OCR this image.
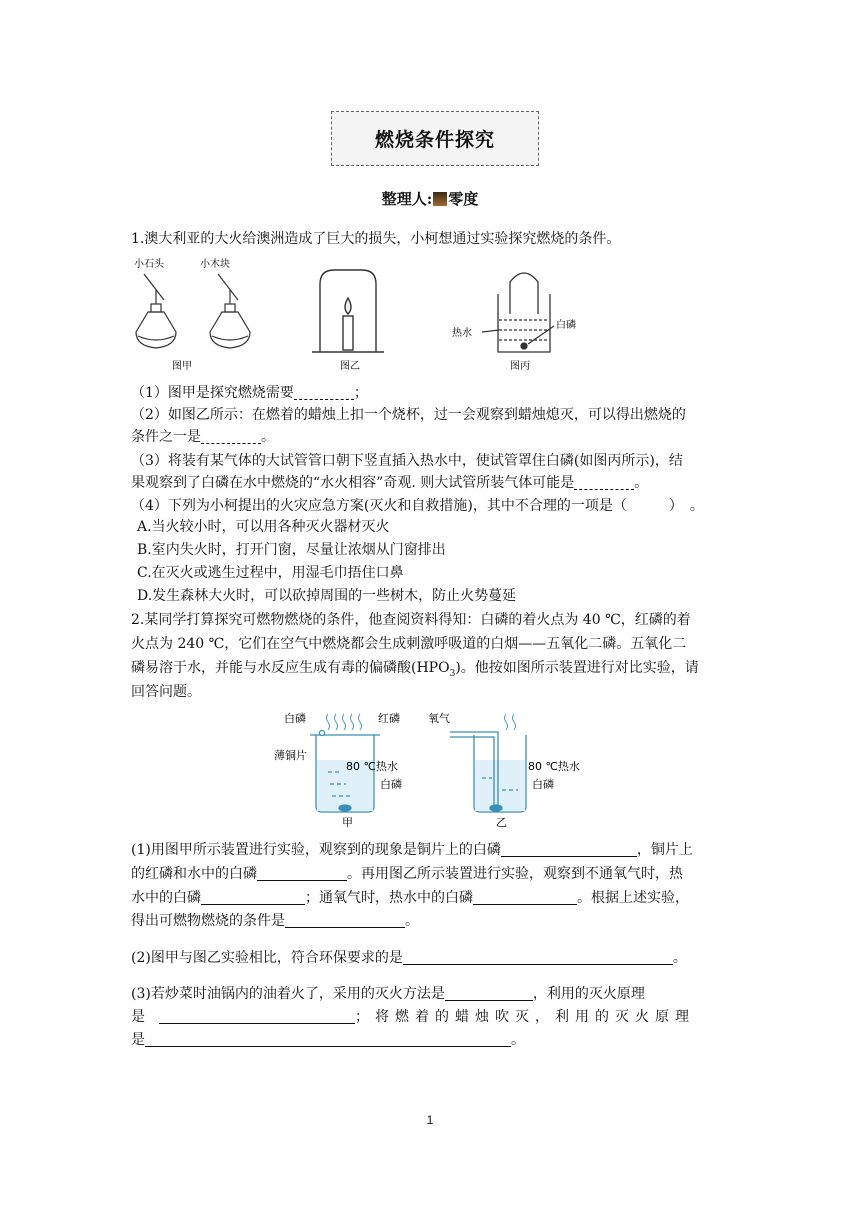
燃烧条件探究
整理人: 零度
1.澳大利亚的大火给澳洲造成了巨大的损失，小柯想通过实验探究燃烧的条件。
小石头	小木块
图甲	图乙
热水
白磷
图丙
（1）图甲是探究燃烧需要	；
（2）如图乙所示：在燃着的蜡烛上扣一个烧杯，过一会观察到蜡烛熄灭，可以得出燃烧的
条件之一是	。
（3）将装有某气体的大试管管口朝下竖直插入热水中，使试管罩住白磷(如图丙所示)，结
果观察到了白磷在水中燃烧的“水火相容”奇观. 则大试管所装气体可能是	。
（4）下列为小柯提出的火灾应急方案(灭火和自救措施)，其中不合理的一项是（　　　）　。
A.当火较小时，可以用各种灭火器材灭火
B.室内失火时，打开门窗，尽量让浓烟从门窗排出
C.在灭火或逃生过程中，用湿毛巾捂住口鼻
D.发生森林大火时，可以砍掉周围的一些树木，防止火势蔓延
2.某同学打算探究可燃物燃烧的条件，他查阅资料得知：白磷的着火点为 40 ℃，红磷的着
火点为 240 ℃，它们在空气中燃烧都会生成刺激呼吸道的白烟——五氧化二磷。五氧化二
磷易溶于水，并能与水反应生成有毒的偏磷酸$(HPO_3)$。他按如图所示装置进行对比实验，请
回答问题。
白磷	红磷
薄铜片
80 ℃热水
白磷
甲
氧气
80 ℃热水
白磷
乙
(1)用图甲所示装置进行实验，观察到的现象是铜片上的白磷	，铜片上
的红磷和水中的白磷	。再用图乙所示装置进行实验，观察到不通氧气时，热
水中的白磷	；通氧气时，热水中的白磷	。根据上述实验，
得出可燃物燃烧的条件是	。
(2)图甲与图乙实验相比，符合环保要求的是	。
(3)若炒菜时油锅内的油着火了，采用的灭火方法是	，利用的灭火原理
是　	；将燃着的蜡烛吹灭，利用的灭火原理
是	。
1
